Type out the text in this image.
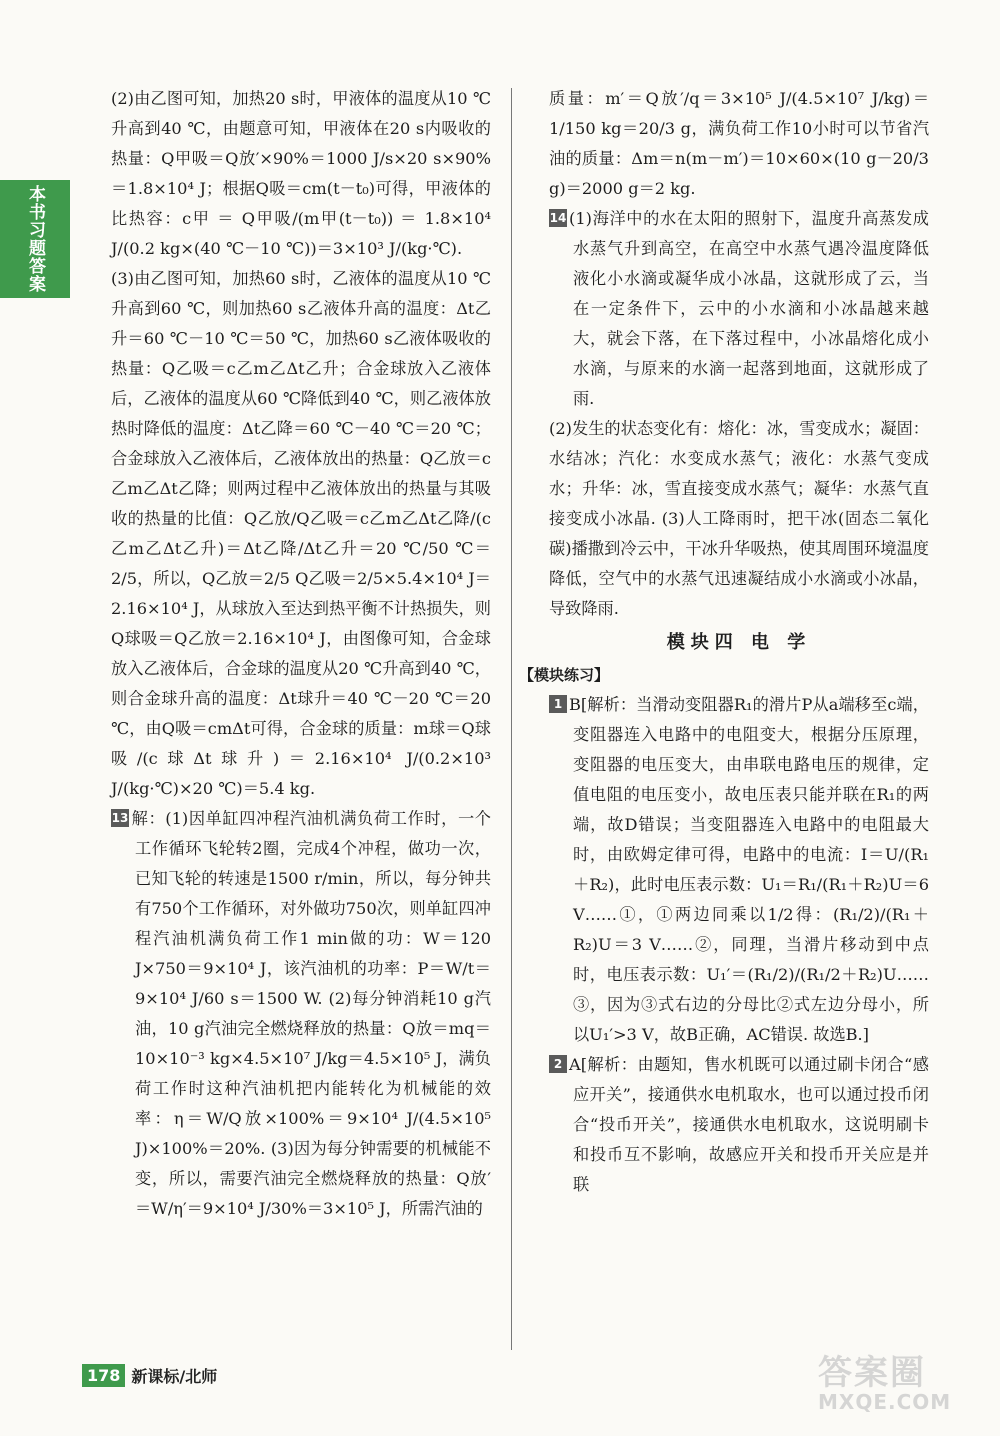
本书习题答案

(2)由乙图可知，加热20 s时，甲液体的温度从10 ℃升高到40 ℃，由题意可知，甲液体在20 s内吸收的热量：Q甲吸＝Q放′×90%＝1000 J/s×20 s×90%＝1.8×10⁴ J；根据Q吸＝cm(t－t₀)可得，甲液体的比热容：c甲 ＝ Q甲吸/(m甲(t－t₀)) ＝ 1.8×10⁴ J/(0.2 kg×(40 ℃－10 ℃))＝3×10³ J/(kg·℃).

(3)由乙图可知，加热60 s时，乙液体的温度从10 ℃升高到60 ℃，则加热60 s乙液体升高的温度：Δt乙升＝60 ℃－10 ℃＝50 ℃，加热60 s乙液体吸收的热量：Q乙吸＝c乙m乙Δt乙升；合金球放入乙液体后，乙液体的温度从60 ℃降低到40 ℃，则乙液体放热时降低的温度：Δt乙降＝60 ℃－40 ℃＝20 ℃；合金球放入乙液体后，乙液体放出的热量：Q乙放＝c乙m乙Δt乙降；则两过程中乙液体放出的热量与其吸收的热量的比值：Q乙放/Q乙吸＝c乙m乙Δt乙降/(c乙m乙Δt乙升)＝Δt乙降/Δt乙升＝20 ℃/50 ℃＝2/5，所以，Q乙放＝2/5 Q乙吸＝2/5×5.4×10⁴ J＝2.16×10⁴ J，从球放入至达到热平衡不计热损失，则Q球吸＝Q乙放＝2.16×10⁴ J，由图像可知，合金球放入乙液体后，合金球的温度从20 ℃升高到40 ℃，则合金球升高的温度：Δt球升＝40 ℃－20 ℃＝20 ℃，由Q吸＝cmΔt可得，合金球的质量：m球＝Q球吸/(c球Δt球升)＝2.16×10⁴ J/(0.2×10³ J/(kg·℃)×20 ℃)＝5.4 kg.

13 解：(1)因单缸四冲程汽油机满负荷工作时，一个工作循环飞轮转2圈，完成4个冲程，做功一次，已知飞轮的转速是1500 r/min，所以，每分钟共有750个工作循环，对外做功750次，则单缸四冲程汽油机满负荷工作1 min做的功：W＝120 J×750＝9×10⁴ J，该汽油机的功率：P＝W/t＝9×10⁴ J/60 s＝1500 W. (2)每分钟消耗10 g汽油，10 g汽油完全燃烧释放的热量：Q放＝mq＝10×10⁻³ kg×4.5×10⁷ J/kg＝4.5×10⁵ J，满负荷工作时这种汽油机把内能转化为机械能的效率：η＝W/Q放×100%＝9×10⁴ J/(4.5×10⁵ J)×100%＝20%. (3)因为每分钟需要的机械能不变，所以，需要汽油完全燃烧释放的热量：Q放′＝W/η′＝9×10⁴ J/30%＝3×10⁵ J，所需汽油的

质量：m′＝Q放′/q＝3×10⁵ J/(4.5×10⁷ J/kg)＝1/150 kg＝20/3 g，满负荷工作10小时可以节省汽油的质量：Δm＝n(m－m′)＝10×60×(10 g－20/3 g)＝2000 g＝2 kg.

14 (1)海洋中的水在太阳的照射下，温度升高蒸发成水蒸气升到高空，在高空中水蒸气遇冷温度降低液化小水滴或凝华成小冰晶，这就形成了云，当在一定条件下，云中的小水滴和小冰晶越来越大，就会下落，在下落过程中，小冰晶熔化成小水滴，与原来的水滴一起落到地面，这就形成了雨.

(2)发生的状态变化有：熔化：冰，雪变成水；凝固：水结冰；汽化：水变成水蒸气；液化：水蒸气变成水；升华：冰，雪直接变成水蒸气；凝华：水蒸气直接变成小冰晶. (3)人工降雨时，把干冰(固态二氧化碳)播撒到冷云中，干冰升华吸热，使其周围环境温度降低，空气中的水蒸气迅速凝结成小水滴或小冰晶，导致降雨.

模块四 电 学

【模块练习】

1 B[解析：当滑动变阻器R₁的滑片P从a端移至c端，变阻器连入电路中的电阻变大，根据分压原理，变阻器的电压变大，由串联电路电压的规律，定值电阻的电压变小，故电压表只能并联在R₁的两端，故D错误；当变阻器连入电路中的电阻最大时，由欧姆定律可得，电路中的电流：I＝U/(R₁＋R₂)，此时电压表示数：U₁＝R₁/(R₁＋R₂)U＝6 V……①，①两边同乘以1/2得：(R₁/2)/(R₁＋R₂)U＝3 V……②，同理，当滑片移动到中点时，电压表示数：U₁′＝(R₁/2)/(R₁/2＋R₂)U……③，因为③式右边的分母比②式左边分母小，所以U₁′>3 V，故B正确，AC错误. 故选B.]

2 A[解析：由题知，售水机既可以通过刷卡闭合“感应开关”，接通供水电机取水，也可以通过投币闭合“投币开关”，接通供水电机取水，这说明刷卡和投币互不影响，故感应开关和投币开关应是并联

178 新课标/北师	答案圈
MXQE.COM
